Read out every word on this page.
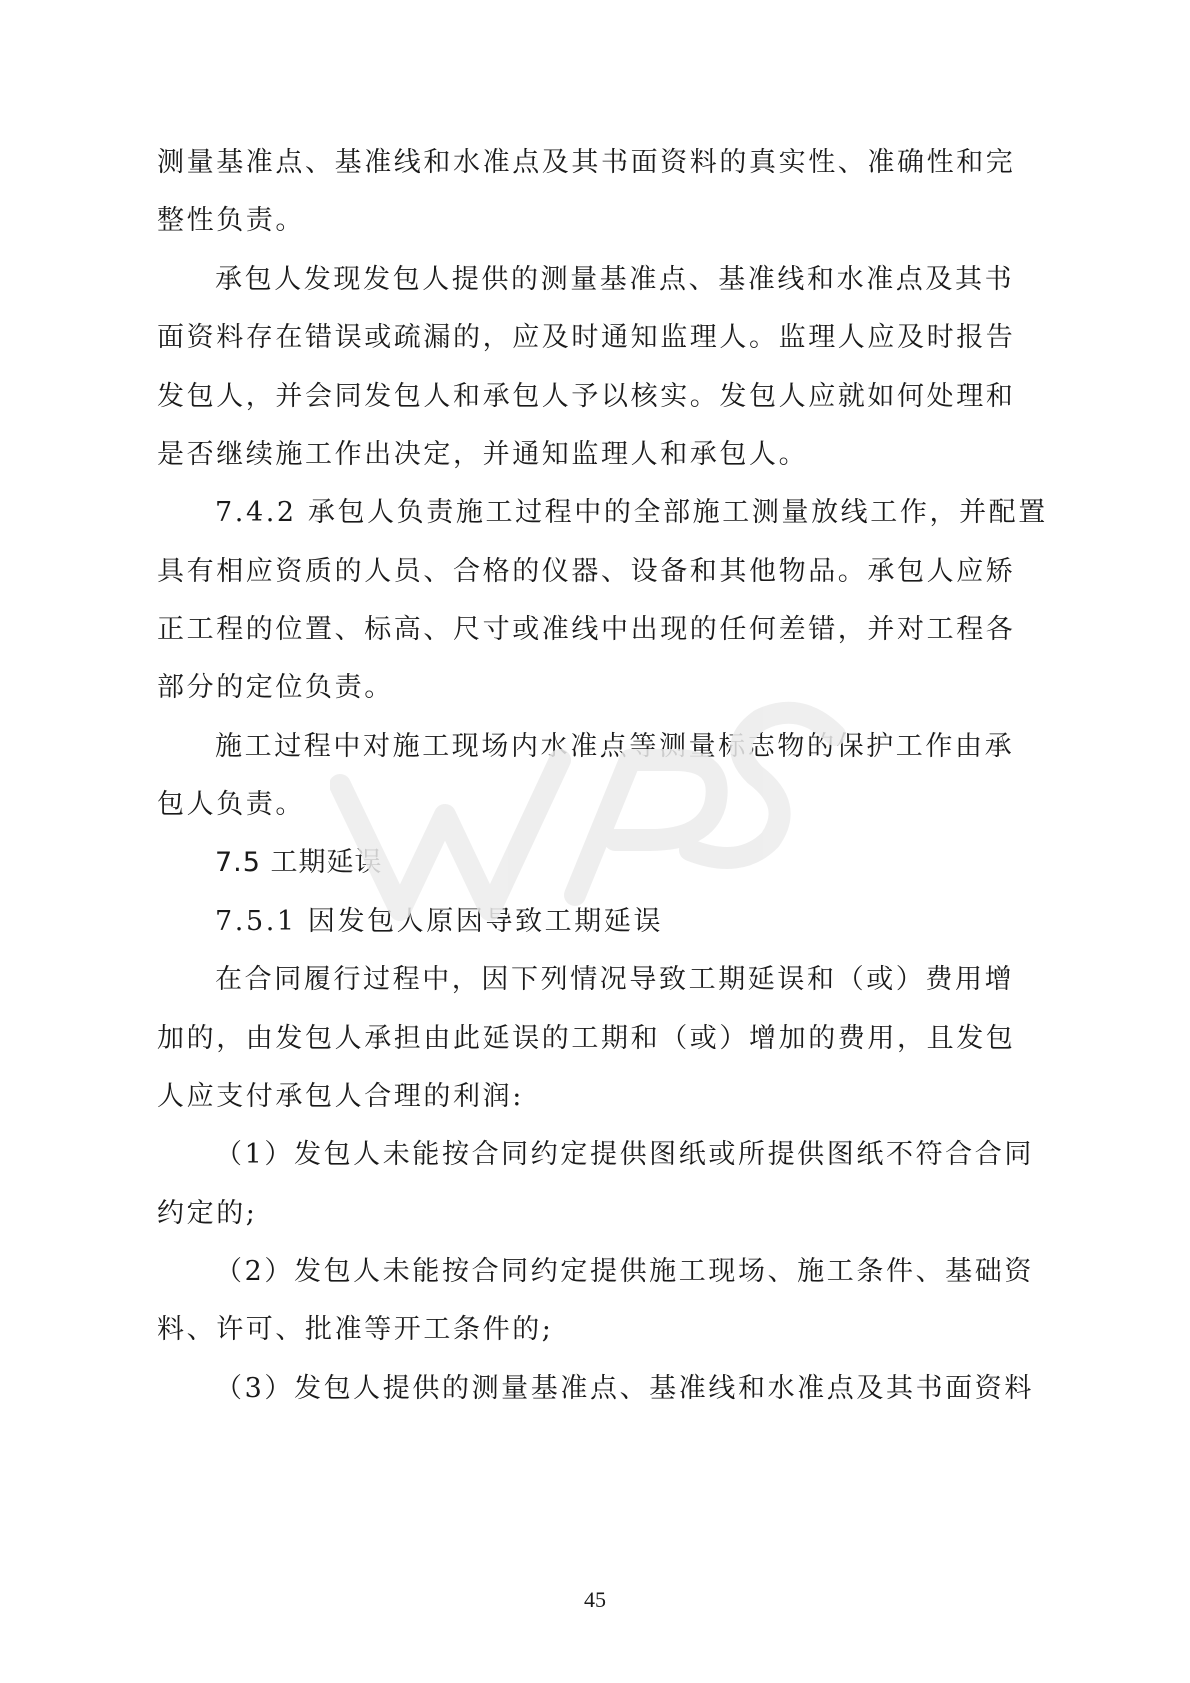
测量基准点、基准线和水准点及其书面资料的真实性、准确性和完
整性负责。
承包人发现发包人提供的测量基准点、基准线和水准点及其书
面资料存在错误或疏漏的，应及时通知监理人。监理人应及时报告
发包人，并会同发包人和承包人予以核实。发包人应就如何处理和
是否继续施工作出决定，并通知监理人和承包人。
7.4.2 承包人负责施工过程中的全部施工测量放线工作，并配置
具有相应资质的人员、合格的仪器、设备和其他物品。承包人应矫
正工程的位置、标高、尺寸或准线中出现的任何差错，并对工程各
部分的定位负责。
施工过程中对施工现场内水准点等测量标志物的保护工作由承
包人负责。
7.5 工期延误
7.5.1 因发包人原因导致工期延误
在合同履行过程中，因下列情况导致工期延误和（或）费用增
加的，由发包人承担由此延误的工期和（或）增加的费用，且发包
人应支付承包人合理的利润:
（1）发包人未能按合同约定提供图纸或所提供图纸不符合合同
约定的;
（2）发包人未能按合同约定提供施工现场、施工条件、基础资
料、许可、批准等开工条件的;
（3）发包人提供的测量基准点、基准线和水准点及其书面资料
45
